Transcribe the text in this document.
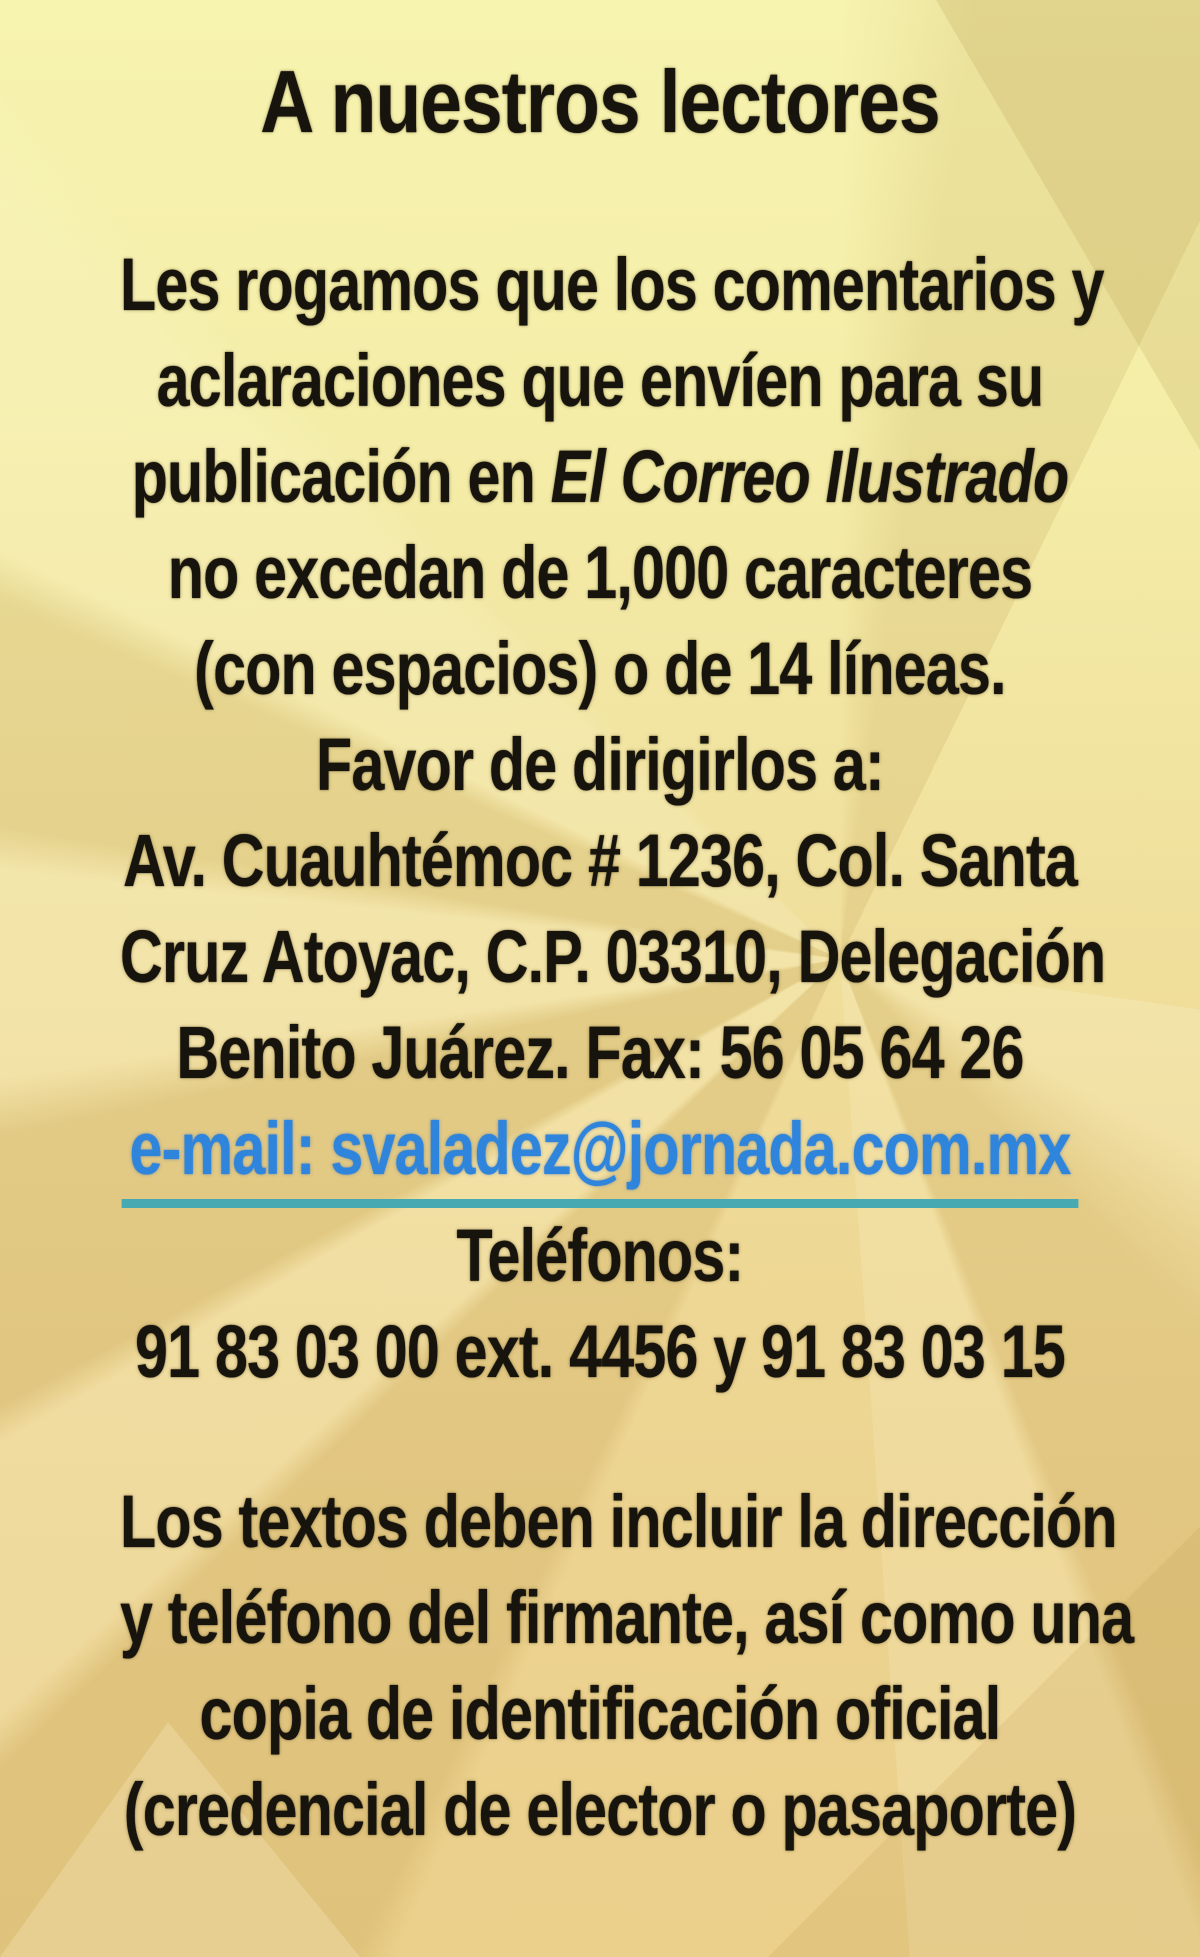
A nuestros lectores
Les rogamos que los comentarios y
aclaraciones que envíen para su
publicación en El Correo Ilustrado
no excedan de 1,000 caracteres
(con espacios) o de 14 líneas.
Favor de dirigirlos a:
Av. Cuauhtémoc # 1236, Col. Santa
Cruz Atoyac, C.P. 03310, Delegación
Benito Juárez. Fax: 56 05 64 26
e-mail: svaladez@jornada.com.mx
Teléfonos:
91 83 03 00 ext. 4456 y 91 83 03 15
Los textos deben incluir la dirección
y teléfono del firmante, así como una
copia de identificación oficial
(credencial de elector o pasaporte)
